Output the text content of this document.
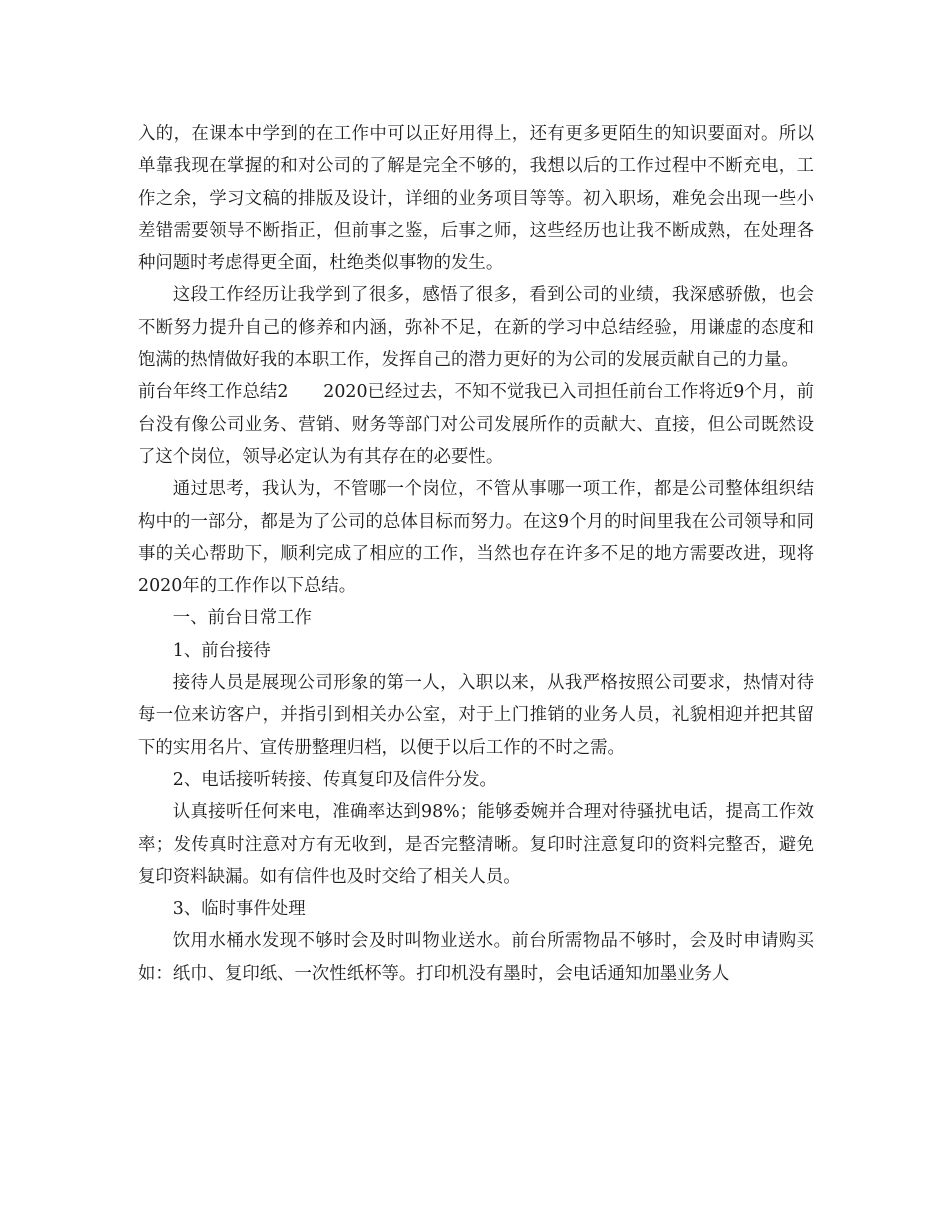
入的，在课本中学到的在工作中可以正好用得上，还有更多更陌生的知识要面对。所以单靠我现在掌握的和对公司的了解是完全不够的，我想以后的工作过程中不断充电，工作之余，学习文稿的排版及设计，详细的业务项目等等。初入职场，难免会出现一些小差错需要领导不断指正，但前事之鉴，后事之师，这些经历也让我不断成熟，在处理各种问题时考虑得更全面，杜绝类似事物的发生。

这段工作经历让我学到了很多，感悟了很多，看到公司的业绩，我深感骄傲，也会不断努力提升自己的修养和内涵，弥补不足，在新的学习中总结经验，用谦虚的态度和饱满的热情做好我的本职工作，发挥自己的潜力更好的为公司的发展贡献自己的力量。

前台年终工作总结2　　2020已经过去，不知不觉我已入司担任前台工作将近9个月，前台没有像公司业务、营销、财务等部门对公司发展所作的贡献大、直接，但公司既然设了这个岗位，领导必定认为有其存在的必要性。

通过思考，我认为，不管哪一个岗位，不管从事哪一项工作，都是公司整体组织结构中的一部分，都是为了公司的总体目标而努力。在这9个月的时间里我在公司领导和同事的关心帮助下，顺利完成了相应的工作，当然也存在许多不足的地方需要改进，现将2020年的工作作以下总结。

一、前台日常工作

1、前台接待

接待人员是展现公司形象的第一人，入职以来，从我严格按照公司要求，热情对待每一位来访客户，并指引到相关办公室，对于上门推销的业务人员，礼貌相迎并把其留下的实用名片、宣传册整理归档，以便于以后工作的不时之需。

2、电话接听转接、传真复印及信件分发。

认真接听任何来电，准确率达到98%；能够委婉并合理对待骚扰电话，提高工作效率；发传真时注意对方有无收到，是否完整清晰。复印时注意复印的资料完整否，避免复印资料缺漏。如有信件也及时交给了相关人员。

3、临时事件处理

饮用水桶水发现不够时会及时叫物业送水。前台所需物品不够时，会及时申请购买如：纸巾、复印纸、一次性纸杯等。打印机没有墨时，会电话通知加墨业务人
